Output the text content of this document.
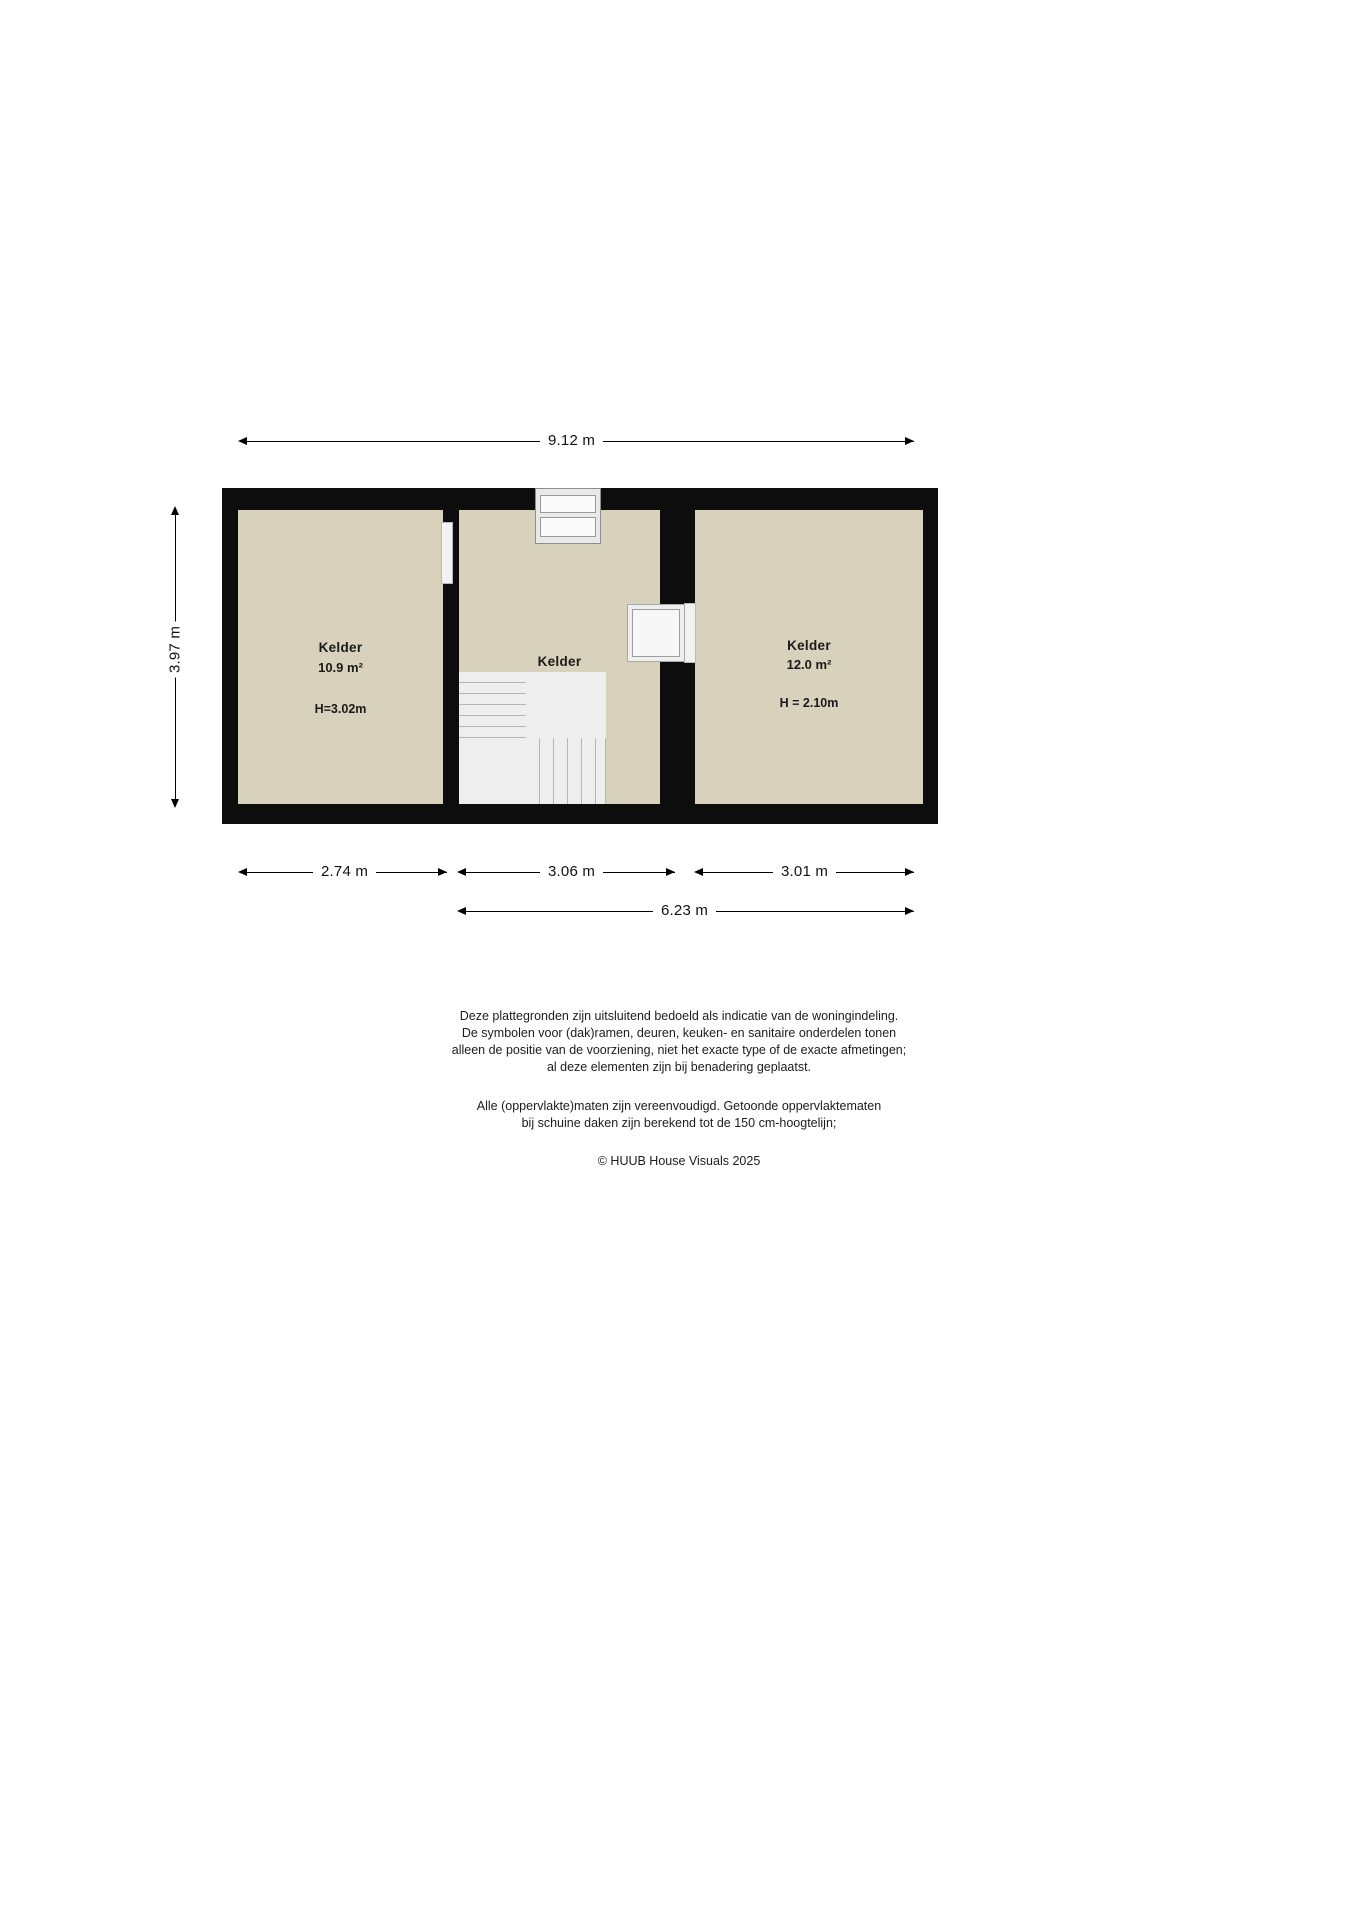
9.12 m
3.97 m	Kelder
10.9 m²
H=3.02m
Kelder
Kelder
12.0 m²
H = 2.10m
2.74 m	3.06 m	3.01 m
6.23 m
Deze plattegronden zijn uitsluitend bedoeld als indicatie van de woningindeling.
De symbolen voor (dak)ramen, deuren, keuken- en sanitaire onderdelen tonen
alleen de positie van de voorziening, niet het exacte type of de exacte afmetingen;
al deze elementen zijn bij benadering geplaatst.
Alle (oppervlakte)maten zijn vereenvoudigd. Getoonde oppervlaktematen
bij schuine daken zijn berekend tot de 150 cm-hoogtelijn;
© HUUB House Visuals 2025
